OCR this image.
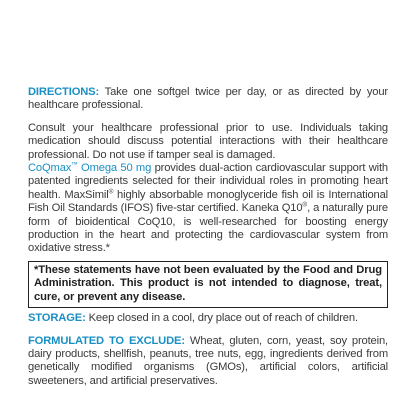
DIRECTIONS: Take one softgel twice per day, or as directed by your healthcare professional.

Consult your healthcare professional prior to use. Individuals taking medication should discuss potential interactions with their healthcare professional. Do not use if tamper seal is damaged.

CoQmax™ Omega 50 mg provides dual-action cardiovascular support with patented ingredients selected for their individual roles in promoting heart health. MaxSimil® highly absorbable monoglyceride fish oil is International Fish Oil Standards (IFOS) five-star certified. Kaneka Q10®, a naturally pure form of bioidentical CoQ10, is well-researched for boosting energy production in the heart and protecting the cardiovascular system from oxidative stress.*

*These statements have not been evaluated by the Food and Drug Administration. This product is not intended to diagnose, treat, cure, or prevent any disease.

STORAGE: Keep closed in a cool, dry place out of reach of children.

FORMULATED TO EXCLUDE: Wheat, gluten, corn, yeast, soy protein, dairy products, shellfish, peanuts, tree nuts, egg, ingredients derived from genetically modified organisms (GMOs), artificial colors, artificial sweeteners, and artificial preservatives.
